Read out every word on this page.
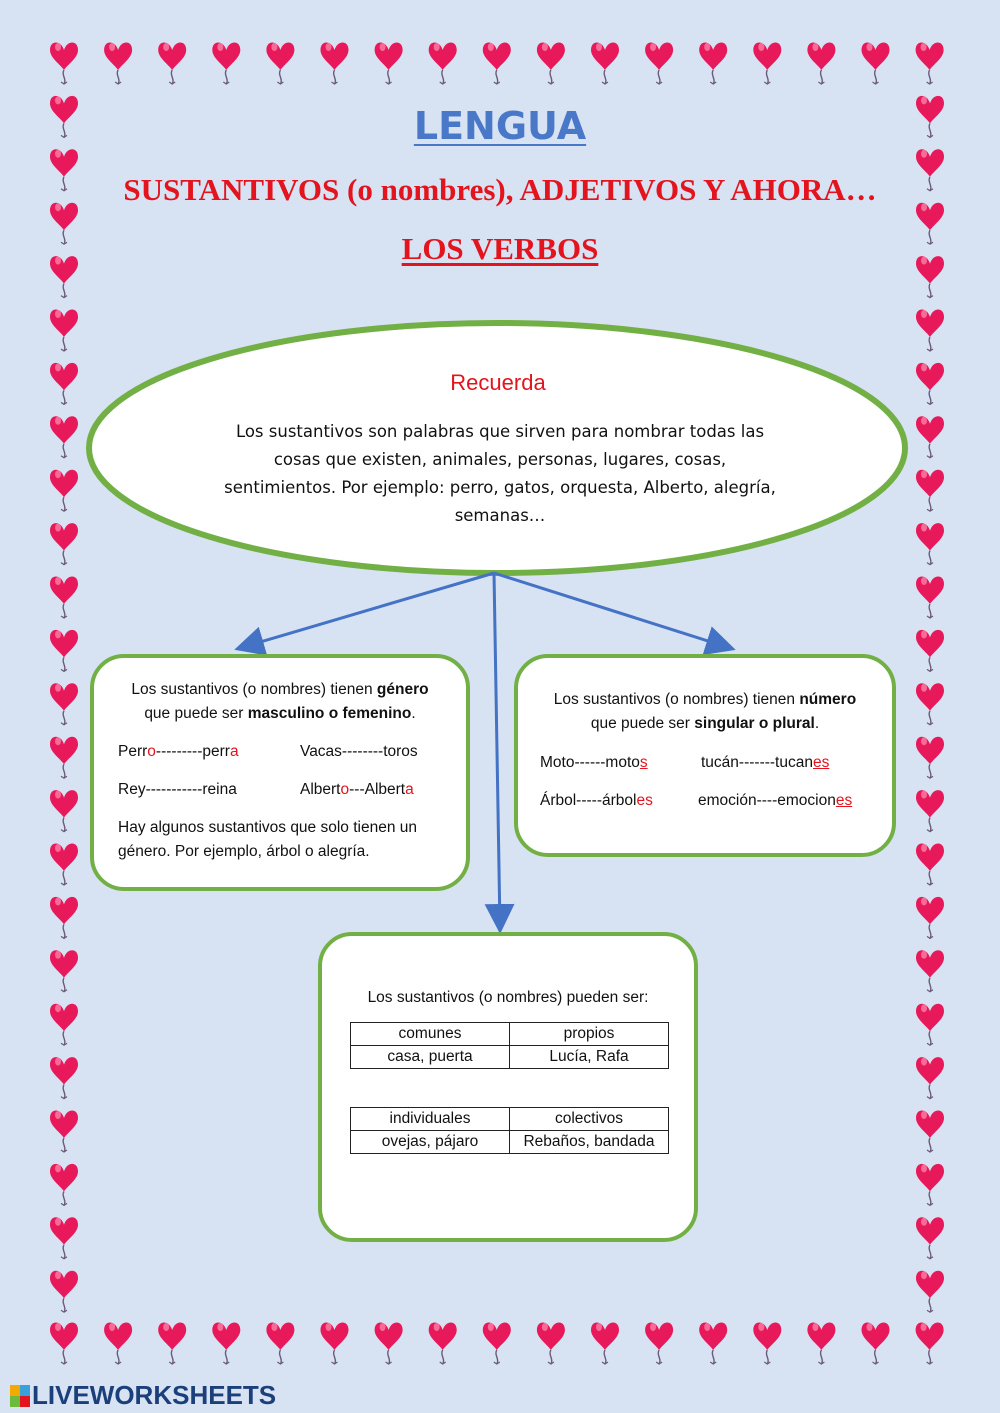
LENGUA
SUSTANTIVOS (o nombres), ADJETIVOS Y AHORA…
LOS VERBOS
Recuerda
Los sustantivos son palabras que sirven para nombrar todas las cosas que existen, animales, personas, lugares, cosas, sentimientos. Por ejemplo: perro, gatos, orquesta, Alberto, alegría, semanas…
Los sustantivos (o nombres) tienen género
que puede ser masculino o femenino.
Perro---------perra	Vacas--------toros
Rey-----------reina	Alberto---Alberta
Hay algunos sustantivos que solo tienen un género. Por ejemplo, árbol o alegría.
Los sustantivos (o nombres) tienen número
que puede ser singular o plural.
Moto------motos	tucán-------tucanes
Árbol-----árboles	emoción----emociones
Los sustantivos (o nombres) pueden ser:
comunes	propios
casa, puerta	Lucía, Rafa
individuales	colectivos
ovejas, pájaro	Rebaños, bandada
LIVEWORKSHEETS
